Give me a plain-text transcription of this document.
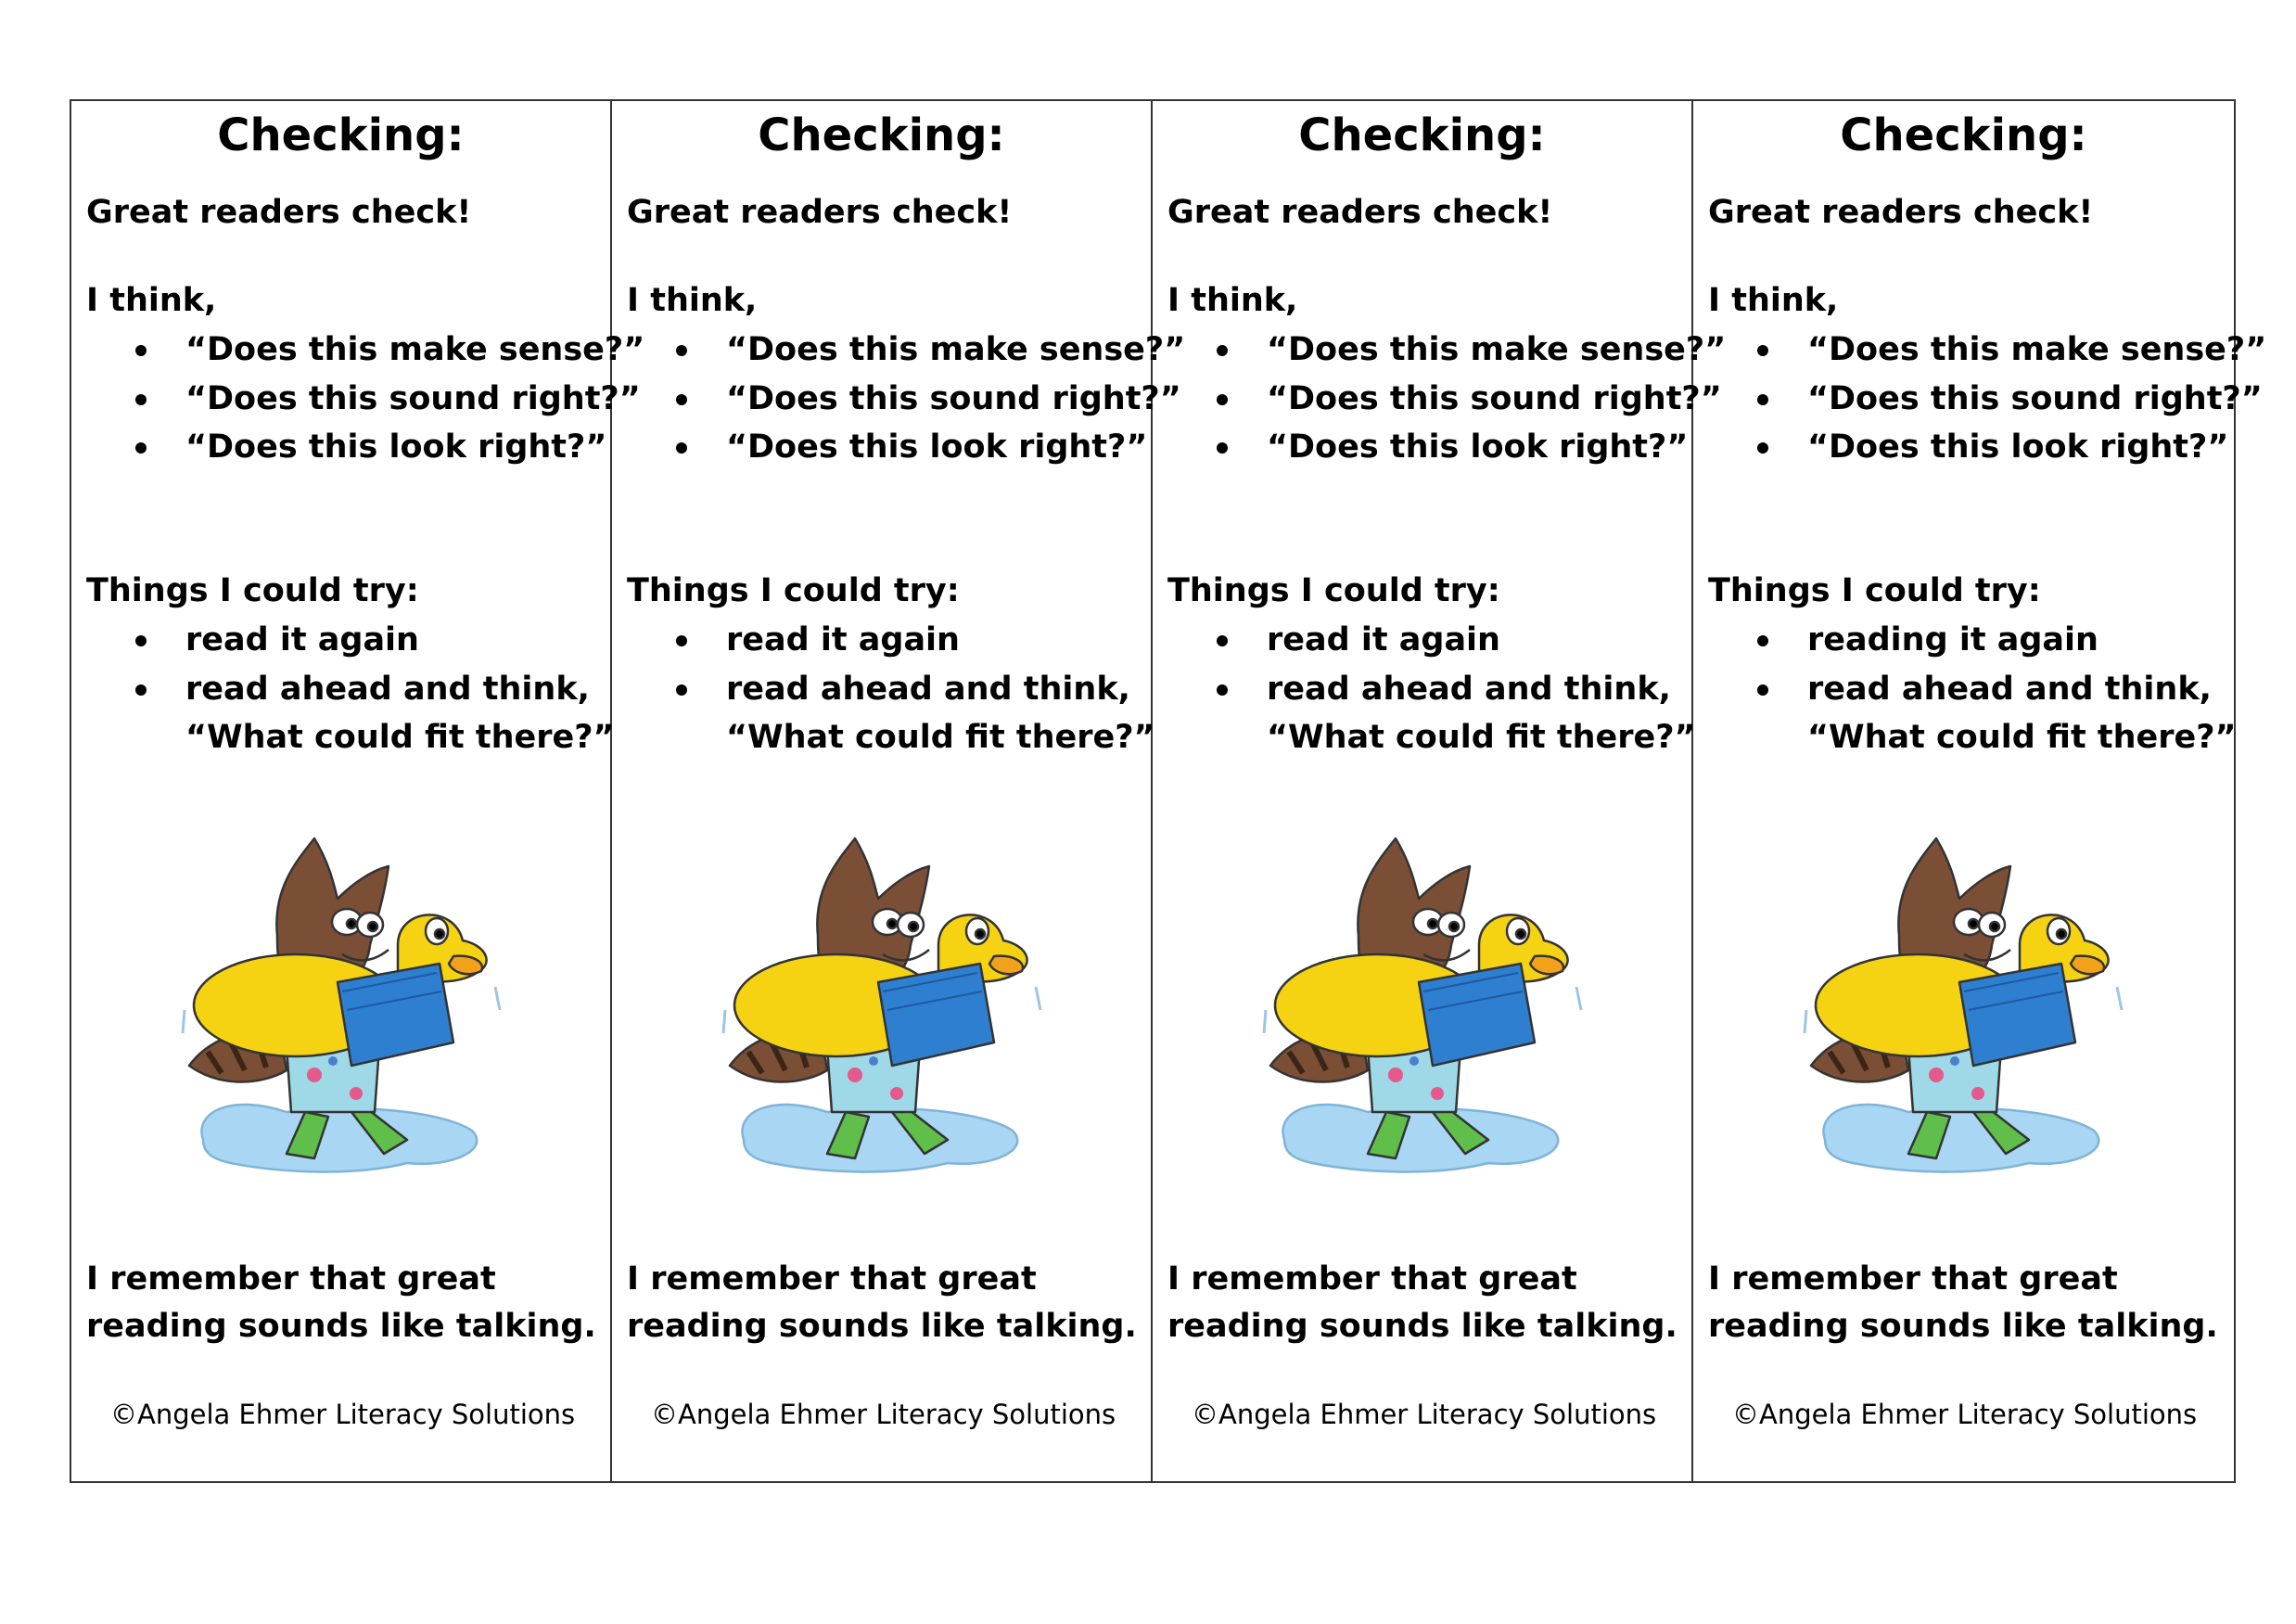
Checking:
Great readers check!
I think,
“Does this make sense?”
“Does this sound right?”
“Does this look right?”
Things I could try:
read it again
read ahead and think,
“What could fit there?”
I remember that great reading sounds like talking.
©Angela Ehmer Literacy Solutions
Checking:
Great readers check!
I think,
“Does this make sense?”
“Does this sound right?”
“Does this look right?”
Things I could try:
read it again
read ahead and think,
“What could fit there?”
I remember that great reading sounds like talking.
©Angela Ehmer Literacy Solutions
Checking:
Great readers check!
I think,
“Does this make sense?”
“Does this sound right?”
“Does this look right?”
Things I could try:
read it again
read ahead and think,
“What could fit there?”
I remember that great reading sounds like talking.
©Angela Ehmer Literacy Solutions
Checking:
Great readers check!
I think,
“Does this make sense?”
“Does this sound right?”
“Does this look right?”
Things I could try:
reading it again
read ahead and think,
“What could fit there?”
I remember that great reading sounds like talking.
©Angela Ehmer Literacy Solutions
